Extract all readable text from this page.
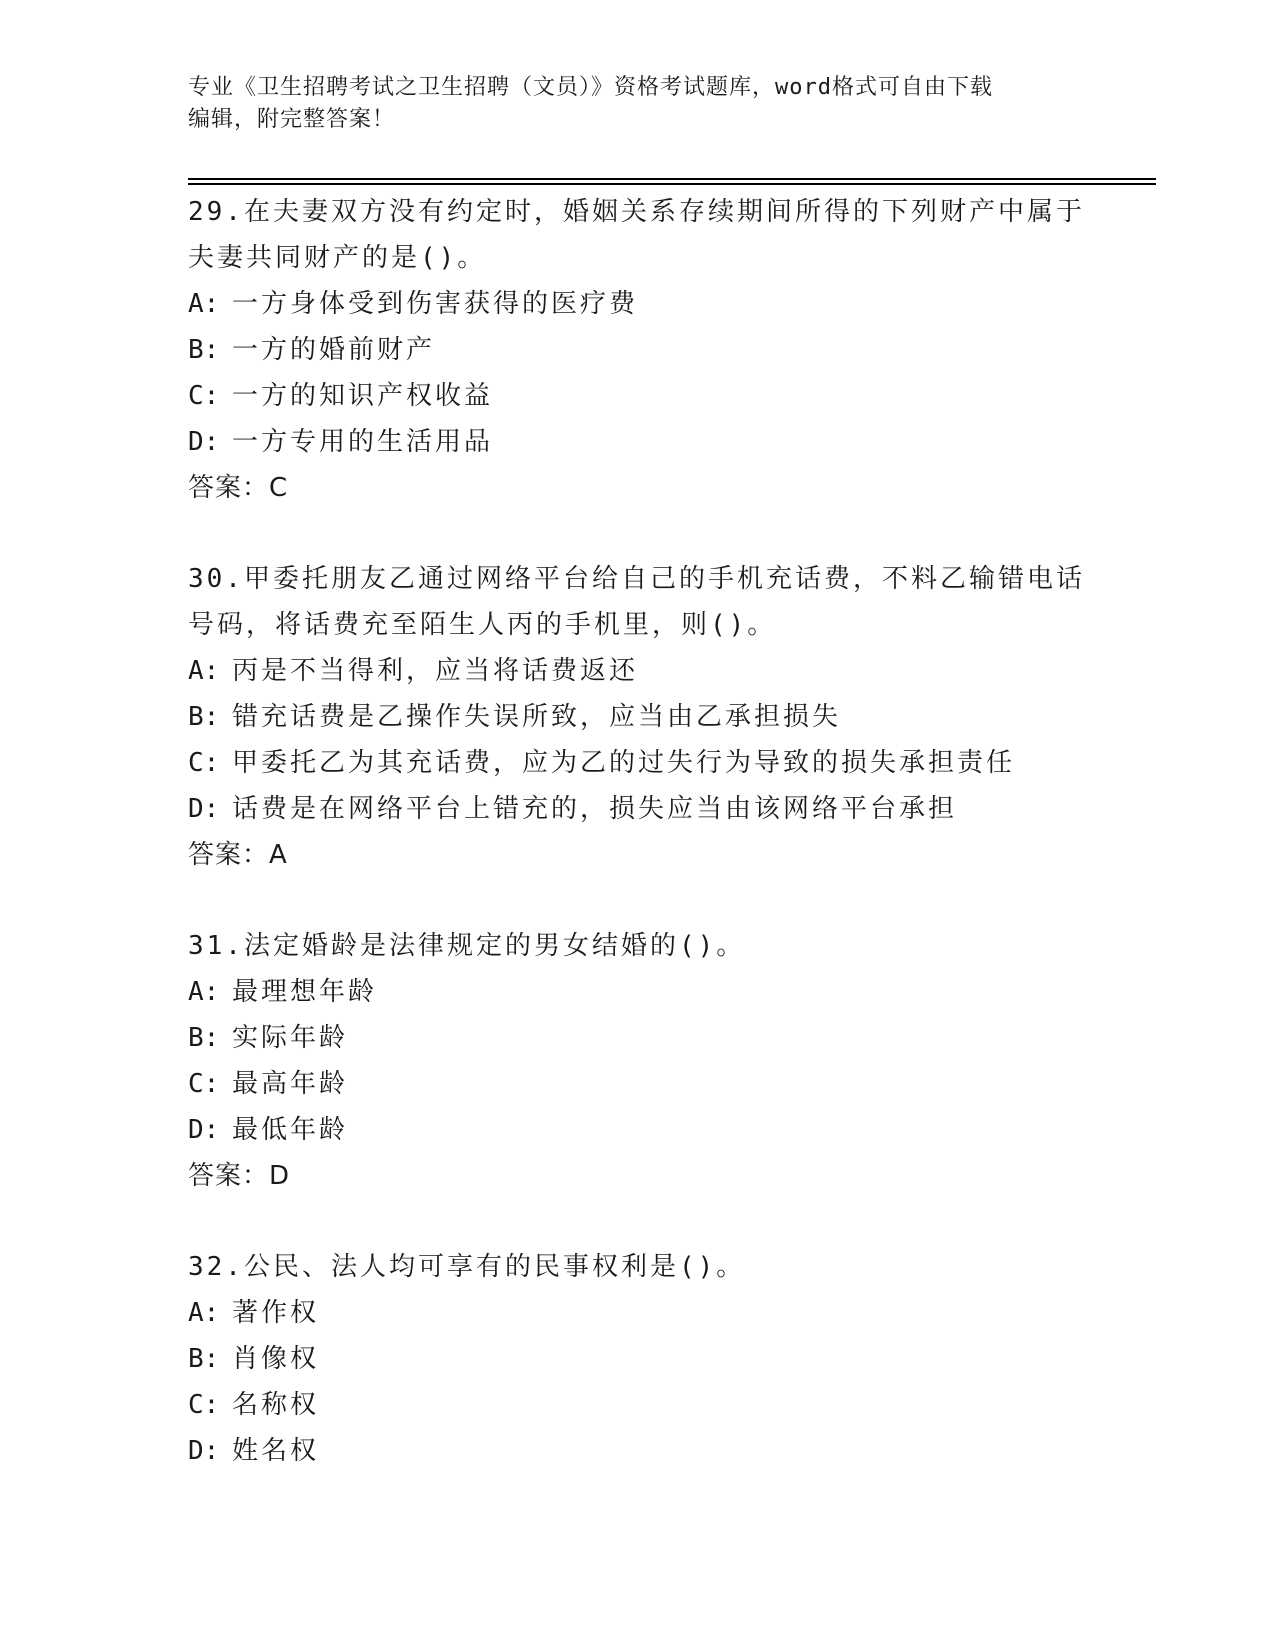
专业《卫生招聘考试之卫生招聘（文员）》资格考试题库，word格式可自由下载
编辑，附完整答案！

29.在夫妻双方没有约定时，婚姻关系存续期间所得的下列财产中属于

夫妻共同财产的是()。

A: 一方身体受到伤害获得的医疗费

B: 一方的婚前财产

C: 一方的知识产权收益

D: 一方专用的生活用品

答案：C

30.甲委托朋友乙通过网络平台给自己的手机充话费，不料乙输错电话

号码，将话费充至陌生人丙的手机里，则()。

A: 丙是不当得利，应当将话费返还

B: 错充话费是乙操作失误所致，应当由乙承担损失

C: 甲委托乙为其充话费，应为乙的过失行为导致的损失承担责任

D: 话费是在网络平台上错充的，损失应当由该网络平台承担

答案：A

31.法定婚龄是法律规定的男女结婚的()。

A: 最理想年龄

B: 实际年龄

C: 最高年龄

D: 最低年龄

答案：D

32.公民、法人均可享有的民事权利是()。

A: 著作权

B: 肖像权

C: 名称权

D: 姓名权
